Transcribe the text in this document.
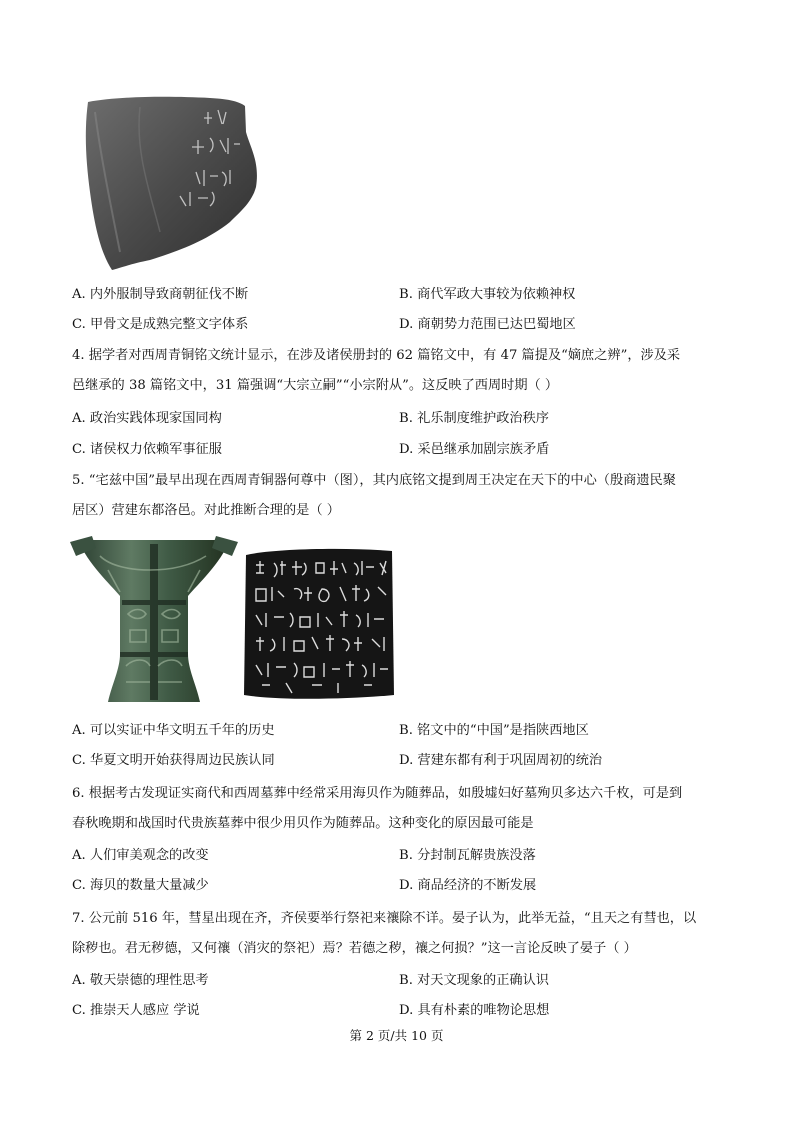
A. 内外服制导致商朝征伐不断	B. 商代军政大事较为依赖神权
C. 甲骨文是成熟完整文字体系	D. 商朝势力范围已达巴蜀地区
4. 据学者对西周青铜铭文统计显示，在涉及诸侯册封的 62 篇铭文中，有 47 篇提及“嫡庶之辨”，涉及采
邑继承的 38 篇铭文中，31 篇强调“大宗立嗣”“小宗附从”。这反映了西周时期（ ）
A. 政治实践体现家国同构	B. 礼乐制度维护政治秩序
C. 诸侯权力依赖军事征服	D. 采邑继承加剧宗族矛盾
5. “宅兹中国”最早出现在西周青铜器何尊中（图），其内底铭文提到周王决定在天下的中心（殷商遗民聚
居区）营建东都洛邑。对此推断合理的是（ ）
A. 可以实证中华文明五千年的历史	B. 铭文中的“中国”是指陕西地区
C. 华夏文明开始获得周边民族认同	D. 营建东都有利于巩固周初的统治
6. 根据考古发现证实商代和西周墓葬中经常采用海贝作为随葬品，如殷墟妇好墓殉贝多达六千枚，可是到
春秋晚期和战国时代贵族墓葬中很少用贝作为随葬品。这种变化的原因最可能是
A. 人们审美观念的改变	B. 分封制瓦解贵族没落
C. 海贝的数量大量减少	D. 商品经济的不断发展
7. 公元前 516 年，彗星出现在齐，齐侯要举行祭祀来禳除不详。晏子认为，此举无益，“且天之有彗也，以
除秽也。君无秽德，又何禳（消灾的祭祀）焉？若德之秽，禳之何损？”这一言论反映了晏子（ ）
A. 敬天崇德的理性思考	B. 对天文现象的正确认识
C. 推崇天人感应 学说	D. 具有朴素的唯物论思想
第 2 页/共 10 页
